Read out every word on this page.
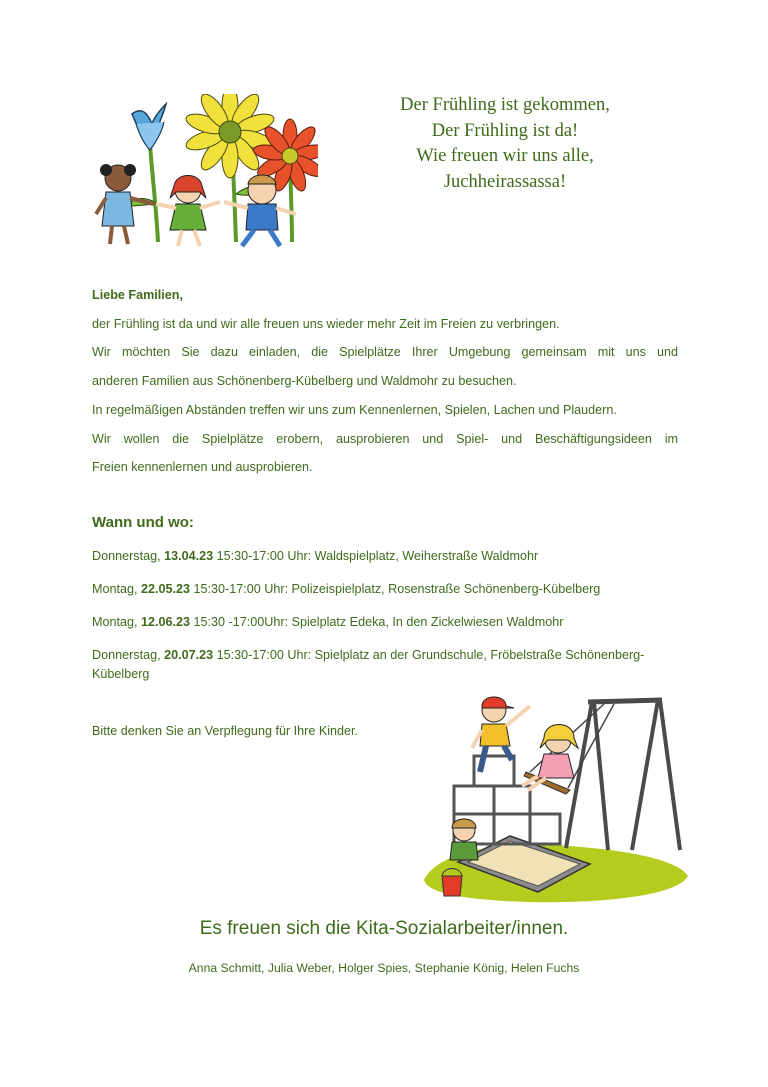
Der Frühling ist gekommen,
Der Frühling ist da!
Wie freuen wir uns alle,
Juchheirassassa!
Liebe Familien,
der Frühling ist da und wir alle freuen uns wieder mehr Zeit im Freien zu verbringen.
Wir möchten Sie dazu einladen, die Spielplätze Ihrer Umgebung gemeinsam mit uns und
anderen Familien aus Schönenberg-Kübelberg und Waldmohr zu besuchen.
In regelmäßigen Abständen treffen wir uns zum Kennenlernen, Spielen, Lachen und Plaudern.
Wir wollen die Spielplätze erobern, ausprobieren und Spiel- und Beschäftigungsideen im
Freien kennenlernen und ausprobieren.
Wann und wo:
Donnerstag, 13.04.23 15:30-17:00 Uhr: Waldspielplatz, Weiherstraße Waldmohr
Montag, 22.05.23 15:30-17:00 Uhr: Polizeispielplatz, Rosenstraße Schönenberg-Kübelberg
Montag, 12.06.23 15:30 -17:00Uhr: Spielplatz Edeka, In den Zickelwiesen Waldmohr
Donnerstag, 20.07.23 15:30-17:00 Uhr: Spielplatz an der Grundschule, Fröbelstraße Schönenberg-Kübelberg
Bitte denken Sie an Verpflegung für Ihre Kinder.
Es freuen sich die Kita-Sozialarbeiter/innen.
Anna Schmitt, Julia Weber, Holger Spies, Stephanie König, Helen Fuchs
